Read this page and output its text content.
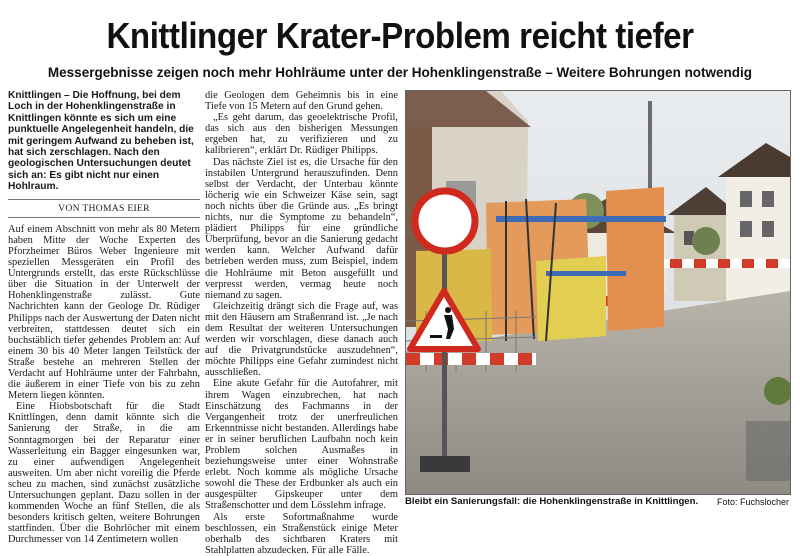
Knittlinger Krater-Problem reicht tiefer
Messergebnisse zeigen noch mehr Hohlräume unter der Hohenklingenstraße – Weitere Bohrungen notwendig
Knittlingen – Die Hoffnung, bei dem Loch in der Hohenklingenstraße in Knittlingen könnte es sich um eine punktuelle Angelegenheit handeln, die mit geringem Aufwand zu beheben ist, hat sich zerschlagen. Nach den geologischen Untersuchungen deutet sich an: Es gibt nicht nur einen Hohlraum.
VON THOMAS EIER

Auf einem Abschnitt von mehr als 80 Metern haben Mitte der Woche Experten des Pforzheimer Büros Weber Ingenieure mit speziellen Messgeräten ein Profil des Untergrunds erstellt, das erste Rückschlüsse über die Situation in der Unterwelt der Hohenklingenstraße zulässt. Gute Nachrichten kann der Geologe Dr. Rüdiger Philipps nach der Auswertung der Daten nicht verbreiten, stattdessen deutet sich ein buchstäblich tiefer gehendes Problem an: Auf einem 30 bis 40 Meter langen Teilstück der Straße bestehe an mehreren Stellen der Verdacht auf Hohlräume unter der Fahrbahn, die äußerem in einer Tiefe von bis zu zehn Metern liegen könnten.

Eine Hiobsbotschaft für die Stadt Knittlingen, denn damit könnte sich die Sanierung der Straße, in die am Sonntagmorgen bei der Reparatur einer Wasserleitung ein Bagger eingesunken war, zu einer aufwendigen Angelegenheit ausweiten. Um aber nicht voreilig die Pferde scheu zu machen, sind zunächst zusätzliche Untersuchungen geplant. Dazu sollen in der kommenden Woche an fünf Stellen, die als besonders kritisch gelten, weitere Bohrungen stattfinden. Über die Bohrlöcher mit einem Durchmesser von 14 Zentimetern wollen

die Geologen dem Geheimnis bis in eine Tiefe von 15 Metern auf den Grund gehen.

„Es geht darum, das geoelektrische Profil, das sich aus den bisherigen Messungen ergeben hat, zu verifizieren und zu kalibrieren“, erklärt Dr. Rüdiger Philipps.

Das nächste Ziel ist es, die Ursache für den instabilen Untergrund herauszufinden. Denn selbst der Verdacht, der Unterbau könnte löcherig wie ein Schweizer Käse sein, sagt noch nichts über die Gründe aus. „Es bringt nichts, nur die Symptome zu behandeln“, plädiert Philipps für eine gründliche Überprüfung, bevor an die Sanierung gedacht werden kann. Welcher Aufwand dafür betrieben werden muss, zum Beispiel, indem die Hohlräume mit Beton ausgefüllt und verpresst werden, vermag heute noch niemand zu sagen.

Gleichzeitig drängt sich die Frage auf, was mit den Häusern am Straßenrand ist. „Je nach dem Resultat der weiteren Untersuchungen werden wir vorschlagen, diese danach auch auf die Privatgrundstücke auszudehnen“, möchte Philipps eine Gefahr zumindest nicht ausschließen.

Eine akute Gefahr für die Autofahrer, mit ihrem Wagen einzubrechen, hat nach Einschätzung des Fachmanns in der Vergangenheit trotz der unerfreulichen Erkenntnisse nicht bestanden. Allerdings habe er in seiner beruflichen Laufbahn noch kein Problem solchen Ausmaßes in beziehungsweise unter einer Wohnstraße erlebt. Noch komme als mögliche Ursache sowohl die These der Erdbunker als auch ein ausgespülter Gipskeuper unter dem Straßenschotter und dem Lösslehm infrage.

Als erste Sofortmaßnahme wurde beschlossen, ein Straßenstück einige Meter oberhalb des sichtbaren Kraters mit Stahlplatten abzudecken. Für alle Fälle.

Bleibt ein Sanierungsfall: die Hohenklingenstraße in Knittlingen. Foto: Fuchslocher
